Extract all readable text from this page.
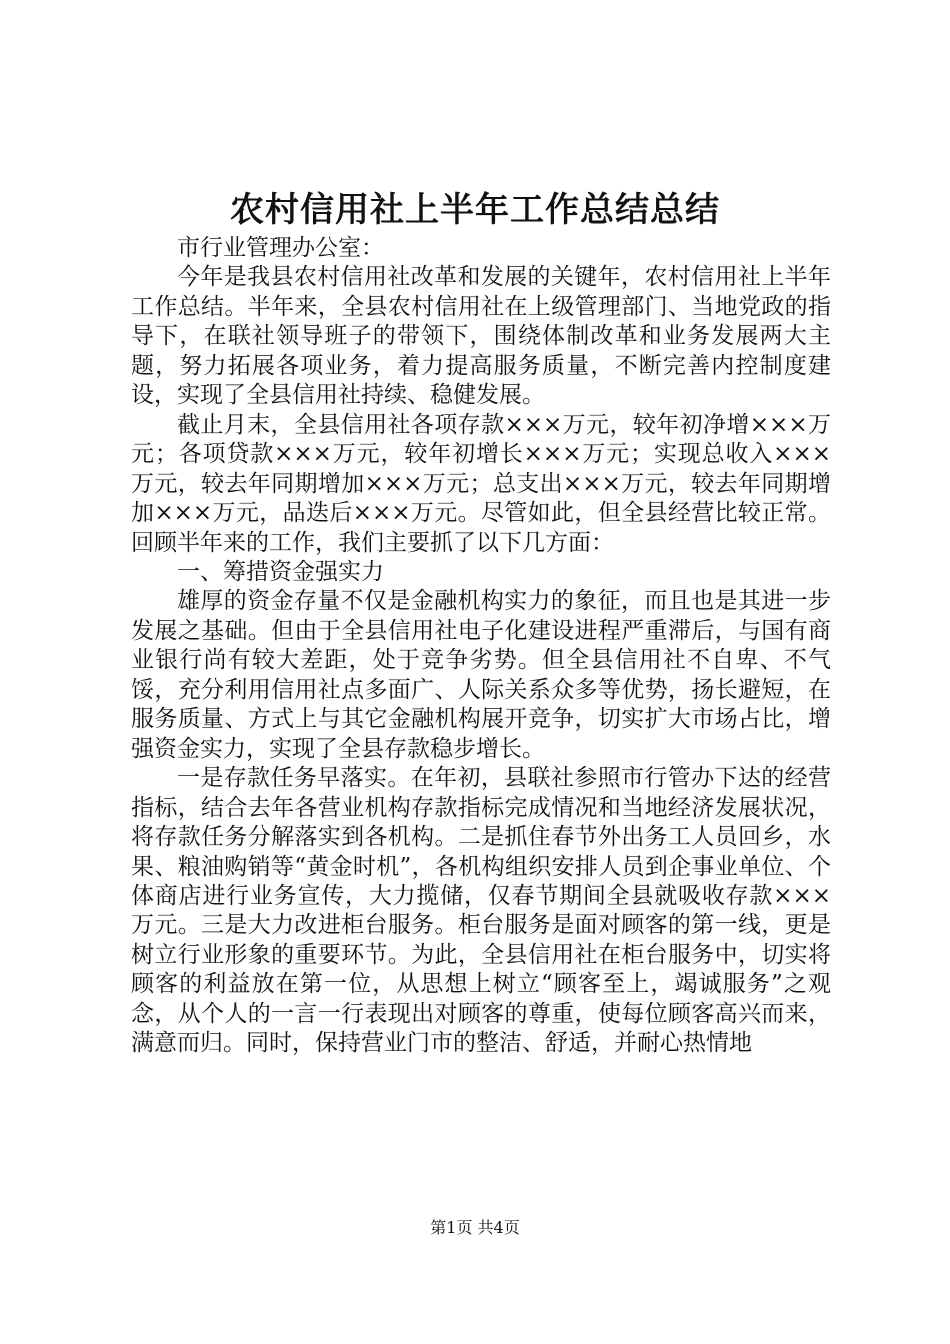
农村信用社上半年工作总结总结

市行业管理办公室：

今年是我县农村信用社改革和发展的关键年，农村信用社上半年工作总结。半年来，全县农村信用社在上级管理部门、当地党政的指导下，在联社领导班子的带领下，围绕体制改革和业务发展两大主题，努力拓展各项业务，着力提高服务质量，不断完善内控制度建设，实现了全县信用社持续、稳健发展。

截止月末，全县信用社各项存款×××万元，较年初净增×××万元；各项贷款×××万元，较年初增长×××万元；实现总收入×××万元，较去年同期增加×××万元；总支出×××万元，较去年同期增加×××万元，品迭后×××万元。尽管如此，但全县经营比较正常。回顾半年来的工作，我们主要抓了以下几方面：

一、筹措资金强实力

雄厚的资金存量不仅是金融机构实力的象征，而且也是其进一步发展之基础。但由于全县信用社电子化建设进程严重滞后，与国有商业银行尚有较大差距，处于竞争劣势。但全县信用社不自卑、不气馁，充分利用信用社点多面广、人际关系众多等优势，扬长避短，在服务质量、方式上与其它金融机构展开竞争，切实扩大市场占比，增强资金实力，实现了全县存款稳步增长。

一是存款任务早落实。在年初，县联社参照市行管办下达的经营指标，结合去年各营业机构存款指标完成情况和当地经济发展状况，将存款任务分解落实到各机构。二是抓住春节外出务工人员回乡，水果、粮油购销等“黄金时机”，各机构组织安排人员到企事业单位、个体商店进行业务宣传，大力揽储，仅春节期间全县就吸收存款×××万元。三是大力改进柜台服务。柜台服务是面对顾客的第一线，更是树立行业形象的重要环节。为此，全县信用社在柜台服务中，切实将顾客的利益放在第一位，从思想上树立“顾客至上，竭诚服务”之观念，从个人的一言一行表现出对顾客的尊重，使每位顾客高兴而来，满意而归。同时，保持营业门市的整洁、舒适，并耐心热情地

第1页 共4页
